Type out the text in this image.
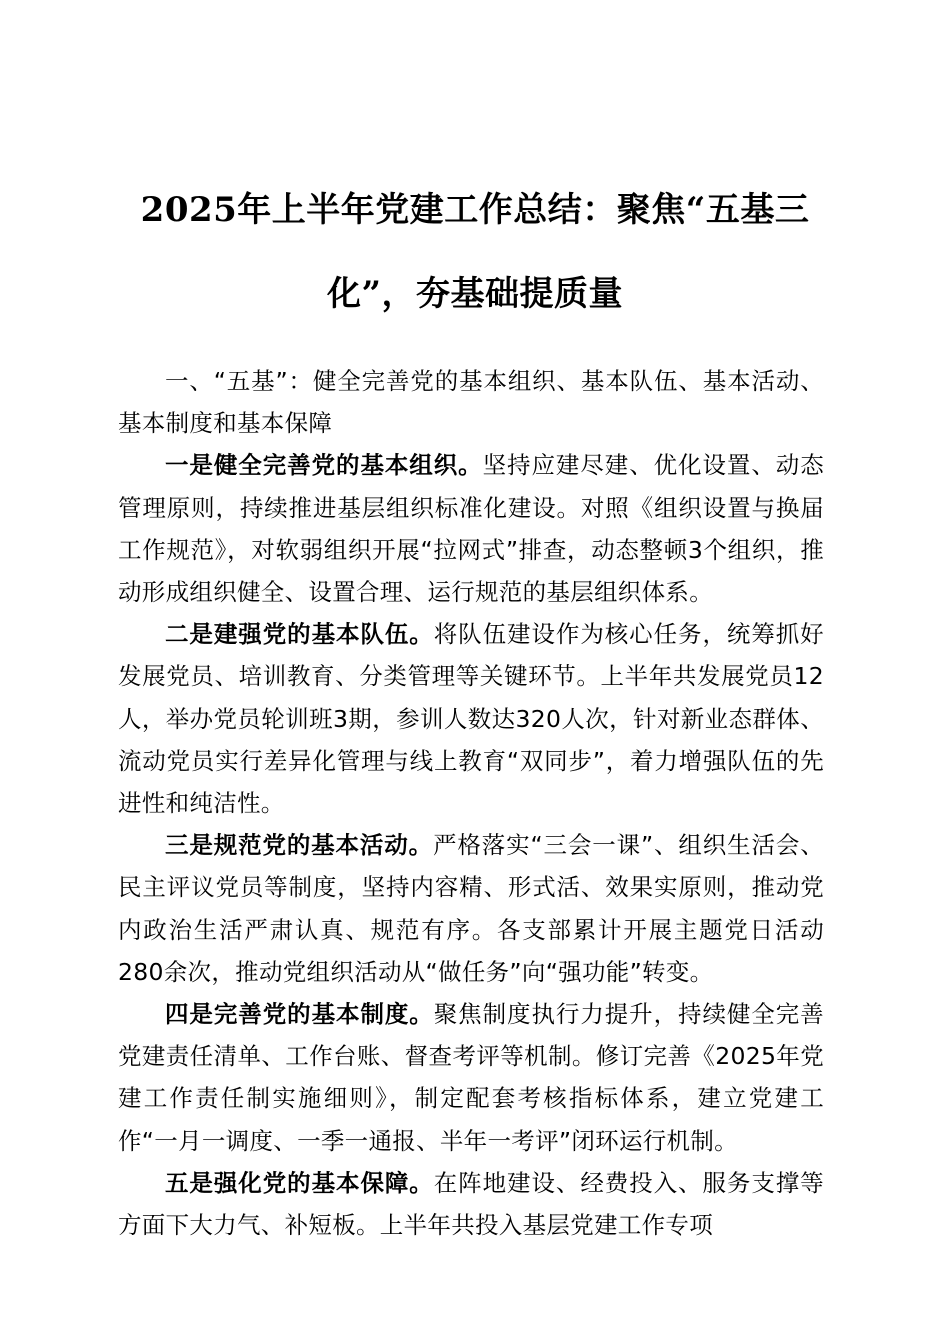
2025年上半年党建工作总结：聚焦“五基三化”，夯基础提质量

一、“五基”：健全完善党的基本组织、基本队伍、基本活动、基本制度和基本保障

一是健全完善党的基本组织。坚持应建尽建、优化设置、动态管理原则，持续推进基层组织标准化建设。对照《组织设置与换届工作规范》，对软弱组织开展“拉网式”排查，动态整顿3个组织，推动形成组织健全、设置合理、运行规范的基层组织体系。

二是建强党的基本队伍。将队伍建设作为核心任务，统筹抓好发展党员、培训教育、分类管理等关键环节。上半年共发展党员12人，举办党员轮训班3期，参训人数达320人次，针对新业态群体、流动党员实行差异化管理与线上教育“双同步”，着力增强队伍的先进性和纯洁性。

三是规范党的基本活动。严格落实“三会一课”、组织生活会、民主评议党员等制度，坚持内容精、形式活、效果实原则，推动党内政治生活严肃认真、规范有序。各支部累计开展主题党日活动280余次，推动党组织活动从“做任务”向“强功能”转变。

四是完善党的基本制度。聚焦制度执行力提升，持续健全完善党建责任清单、工作台账、督查考评等机制。修订完善《2025年党建工作责任制实施细则》，制定配套考核指标体系，建立党建工作“一月一调度、一季一通报、半年一考评”闭环运行机制。

五是强化党的基本保障。在阵地建设、经费投入、服务支撑等方面下大力气、补短板。上半年共投入基层党建工作专项
